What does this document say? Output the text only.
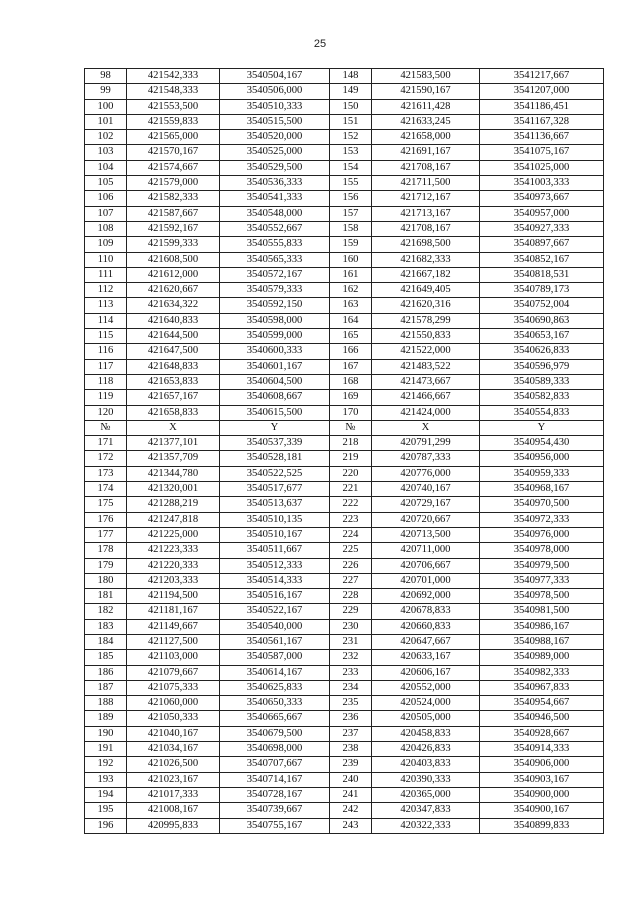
25
98	421542,333	3540504,167	148	421583,500	3541217,667
99	421548,333	3540506,000	149	421590,167	3541207,000
100	421553,500	3540510,333	150	421611,428	3541186,451
101	421559,833	3540515,500	151	421633,245	3541167,328
102	421565,000	3540520,000	152	421658,000	3541136,667
103	421570,167	3540525,000	153	421691,167	3541075,167
104	421574,667	3540529,500	154	421708,167	3541025,000
105	421579,000	3540536,333	155	421711,500	3541003,333
106	421582,333	3540541,333	156	421712,167	3540973,667
107	421587,667	3540548,000	157	421713,167	3540957,000
108	421592,167	3540552,667	158	421708,167	3540927,333
109	421599,333	3540555,833	159	421698,500	3540897,667
110	421608,500	3540565,333	160	421682,333	3540852,167
111	421612,000	3540572,167	161	421667,182	3540818,531
112	421620,667	3540579,333	162	421649,405	3540789,173
113	421634,322	3540592,150	163	421620,316	3540752,004
114	421640,833	3540598,000	164	421578,299	3540690,863
115	421644,500	3540599,000	165	421550,833	3540653,167
116	421647,500	3540600,333	166	421522,000	3540626,833
117	421648,833	3540601,167	167	421483,522	3540596,979
118	421653,833	3540604,500	168	421473,667	3540589,333
119	421657,167	3540608,667	169	421466,667	3540582,833
120	421658,833	3540615,500	170	421424,000	3540554,833
№	X	Y	№	X	Y
171	421377,101	3540537,339	218	420791,299	3540954,430
172	421357,709	3540528,181	219	420787,333	3540956,000
173	421344,780	3540522,525	220	420776,000	3540959,333
174	421320,001	3540517,677	221	420740,167	3540968,167
175	421288,219	3540513,637	222	420729,167	3540970,500
176	421247,818	3540510,135	223	420720,667	3540972,333
177	421225,000	3540510,167	224	420713,500	3540976,000
178	421223,333	3540511,667	225	420711,000	3540978,000
179	421220,333	3540512,333	226	420706,667	3540979,500
180	421203,333	3540514,333	227	420701,000	3540977,333
181	421194,500	3540516,167	228	420692,000	3540978,500
182	421181,167	3540522,167	229	420678,833	3540981,500
183	421149,667	3540540,000	230	420660,833	3540986,167
184	421127,500	3540561,167	231	420647,667	3540988,167
185	421103,000	3540587,000	232	420633,167	3540989,000
186	421079,667	3540614,167	233	420606,167	3540982,333
187	421075,333	3540625,833	234	420552,000	3540967,833
188	421060,000	3540650,333	235	420524,000	3540954,667
189	421050,333	3540665,667	236	420505,000	3540946,500
190	421040,167	3540679,500	237	420458,833	3540928,667
191	421034,167	3540698,000	238	420426,833	3540914,333
192	421026,500	3540707,667	239	420403,833	3540906,000
193	421023,167	3540714,167	240	420390,333	3540903,167
194	421017,333	3540728,167	241	420365,000	3540900,000
195	421008,167	3540739,667	242	420347,833	3540900,167
196	420995,833	3540755,167	243	420322,333	3540899,833
